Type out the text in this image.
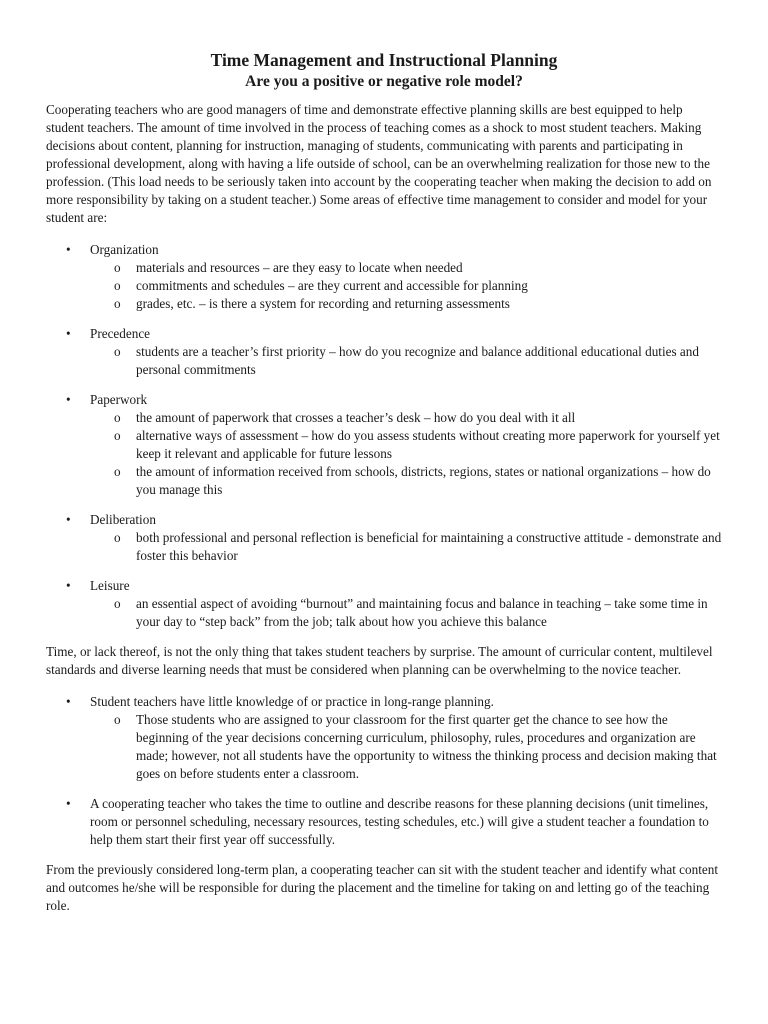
Time Management and Instructional Planning
Are you a positive or negative role model?

Cooperating teachers who are good managers of time and demonstrate effective planning skills are best equipped to help student teachers. The amount of time involved in the process of teaching comes as a shock to most student teachers. Making decisions about content, planning for instruction, managing of students, communicating with parents and participating in professional development, along with having a life outside of school, can be an overwhelming realization for those new to the profession. (This load needs to be seriously taken into account by the cooperating teacher when making the decision to add on more responsibility by taking on a student teacher.) Some areas of effective time management to consider and model for your student are:

• Organization
o materials and resources – are they easy to locate when needed
o commitments and schedules – are they current and accessible for planning
o grades, etc. – is there a system for recording and returning assessments
• Precedence
o students are a teacher’s first priority – how do you recognize and balance additional educational duties and personal commitments
• Paperwork
o the amount of paperwork that crosses a teacher’s desk – how do you deal with it all
o alternative ways of assessment – how do you assess students without creating more paperwork for yourself yet keep it relevant and applicable for future lessons
o the amount of information received from schools, districts, regions, states or national organizations – how do you manage this
• Deliberation
o both professional and personal reflection is beneficial for maintaining a constructive attitude - demonstrate and foster this behavior
• Leisure
o an essential aspect of avoiding “burnout” and maintaining focus and balance in teaching – take some time in your day to “step back” from the job; talk about how you achieve this balance

Time, or lack thereof, is not the only thing that takes student teachers by surprise. The amount of curricular content, multilevel standards and diverse learning needs that must be considered when planning can be overwhelming to the novice teacher.

• Student teachers have little knowledge of or practice in long-range planning.
o Those students who are assigned to your classroom for the first quarter get the chance to see how the beginning of the year decisions concerning curriculum, philosophy, rules, procedures and organization are made; however, not all students have the opportunity to witness the thinking process and decision making that goes on before students enter a classroom.
• A cooperating teacher who takes the time to outline and describe reasons for these planning decisions (unit timelines, room or personnel scheduling, necessary resources, testing schedules, etc.) will give a student teacher a foundation to help them start their first year off successfully.

From the previously considered long-term plan, a cooperating teacher can sit with the student teacher and identify what content and outcomes he/she will be responsible for during the placement and the timeline for taking on and letting go of the teaching role.
